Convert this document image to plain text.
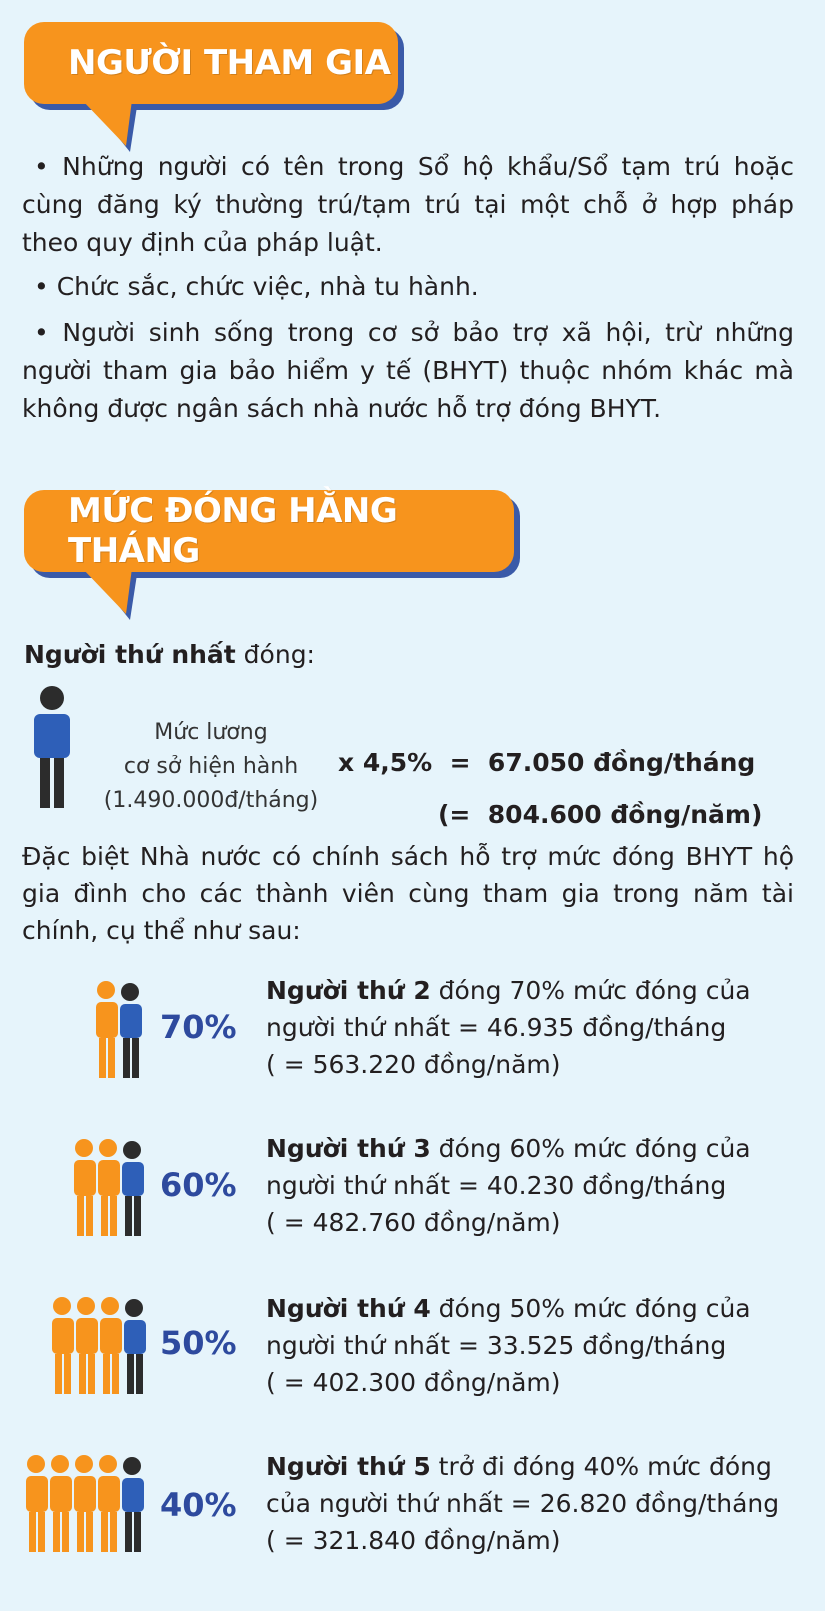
NGƯỜI THAM GIA

• Những người có tên trong Sổ hộ khẩu/Sổ tạm trú hoặc cùng đăng ký thường trú/tạm trú tại một chỗ ở hợp pháp theo quy định của pháp luật.

• Chức sắc, chức việc, nhà tu hành.

• Người sinh sống trong cơ sở bảo trợ xã hội, trừ những người tham gia bảo hiểm y tế (BHYT) thuộc nhóm khác mà không được ngân sách nhà nước hỗ trợ đóng BHYT.

MỨC ĐÓNG HẰNG THÁNG
Người thứ nhất đóng:
Mức lương
cơ sở hiện hành
(1.490.000đ/tháng)
x 4,5%  =  67.050 đồng/tháng
(=  804.600 đồng/năm)

Đặc biệt Nhà nước có chính sách hỗ trợ mức đóng BHYT hộ gia đình cho các thành viên cùng tham gia trong năm tài chính, cụ thể như sau:

70%
Người thứ 2 đóng 70% mức đóng của
người thứ nhất = 46.935 đồng/tháng
( = 563.220 đồng/năm)
60%
Người thứ 3 đóng 60% mức đóng của
người thứ nhất = 40.230 đồng/tháng
( = 482.760 đồng/năm)
50%
Người thứ 4 đóng 50% mức đóng của
người thứ nhất = 33.525 đồng/tháng
( = 402.300 đồng/năm)
40%
Người thứ 5 trở đi đóng 40% mức đóng
của người thứ nhất = 26.820 đồng/tháng
( = 321.840 đồng/năm)
